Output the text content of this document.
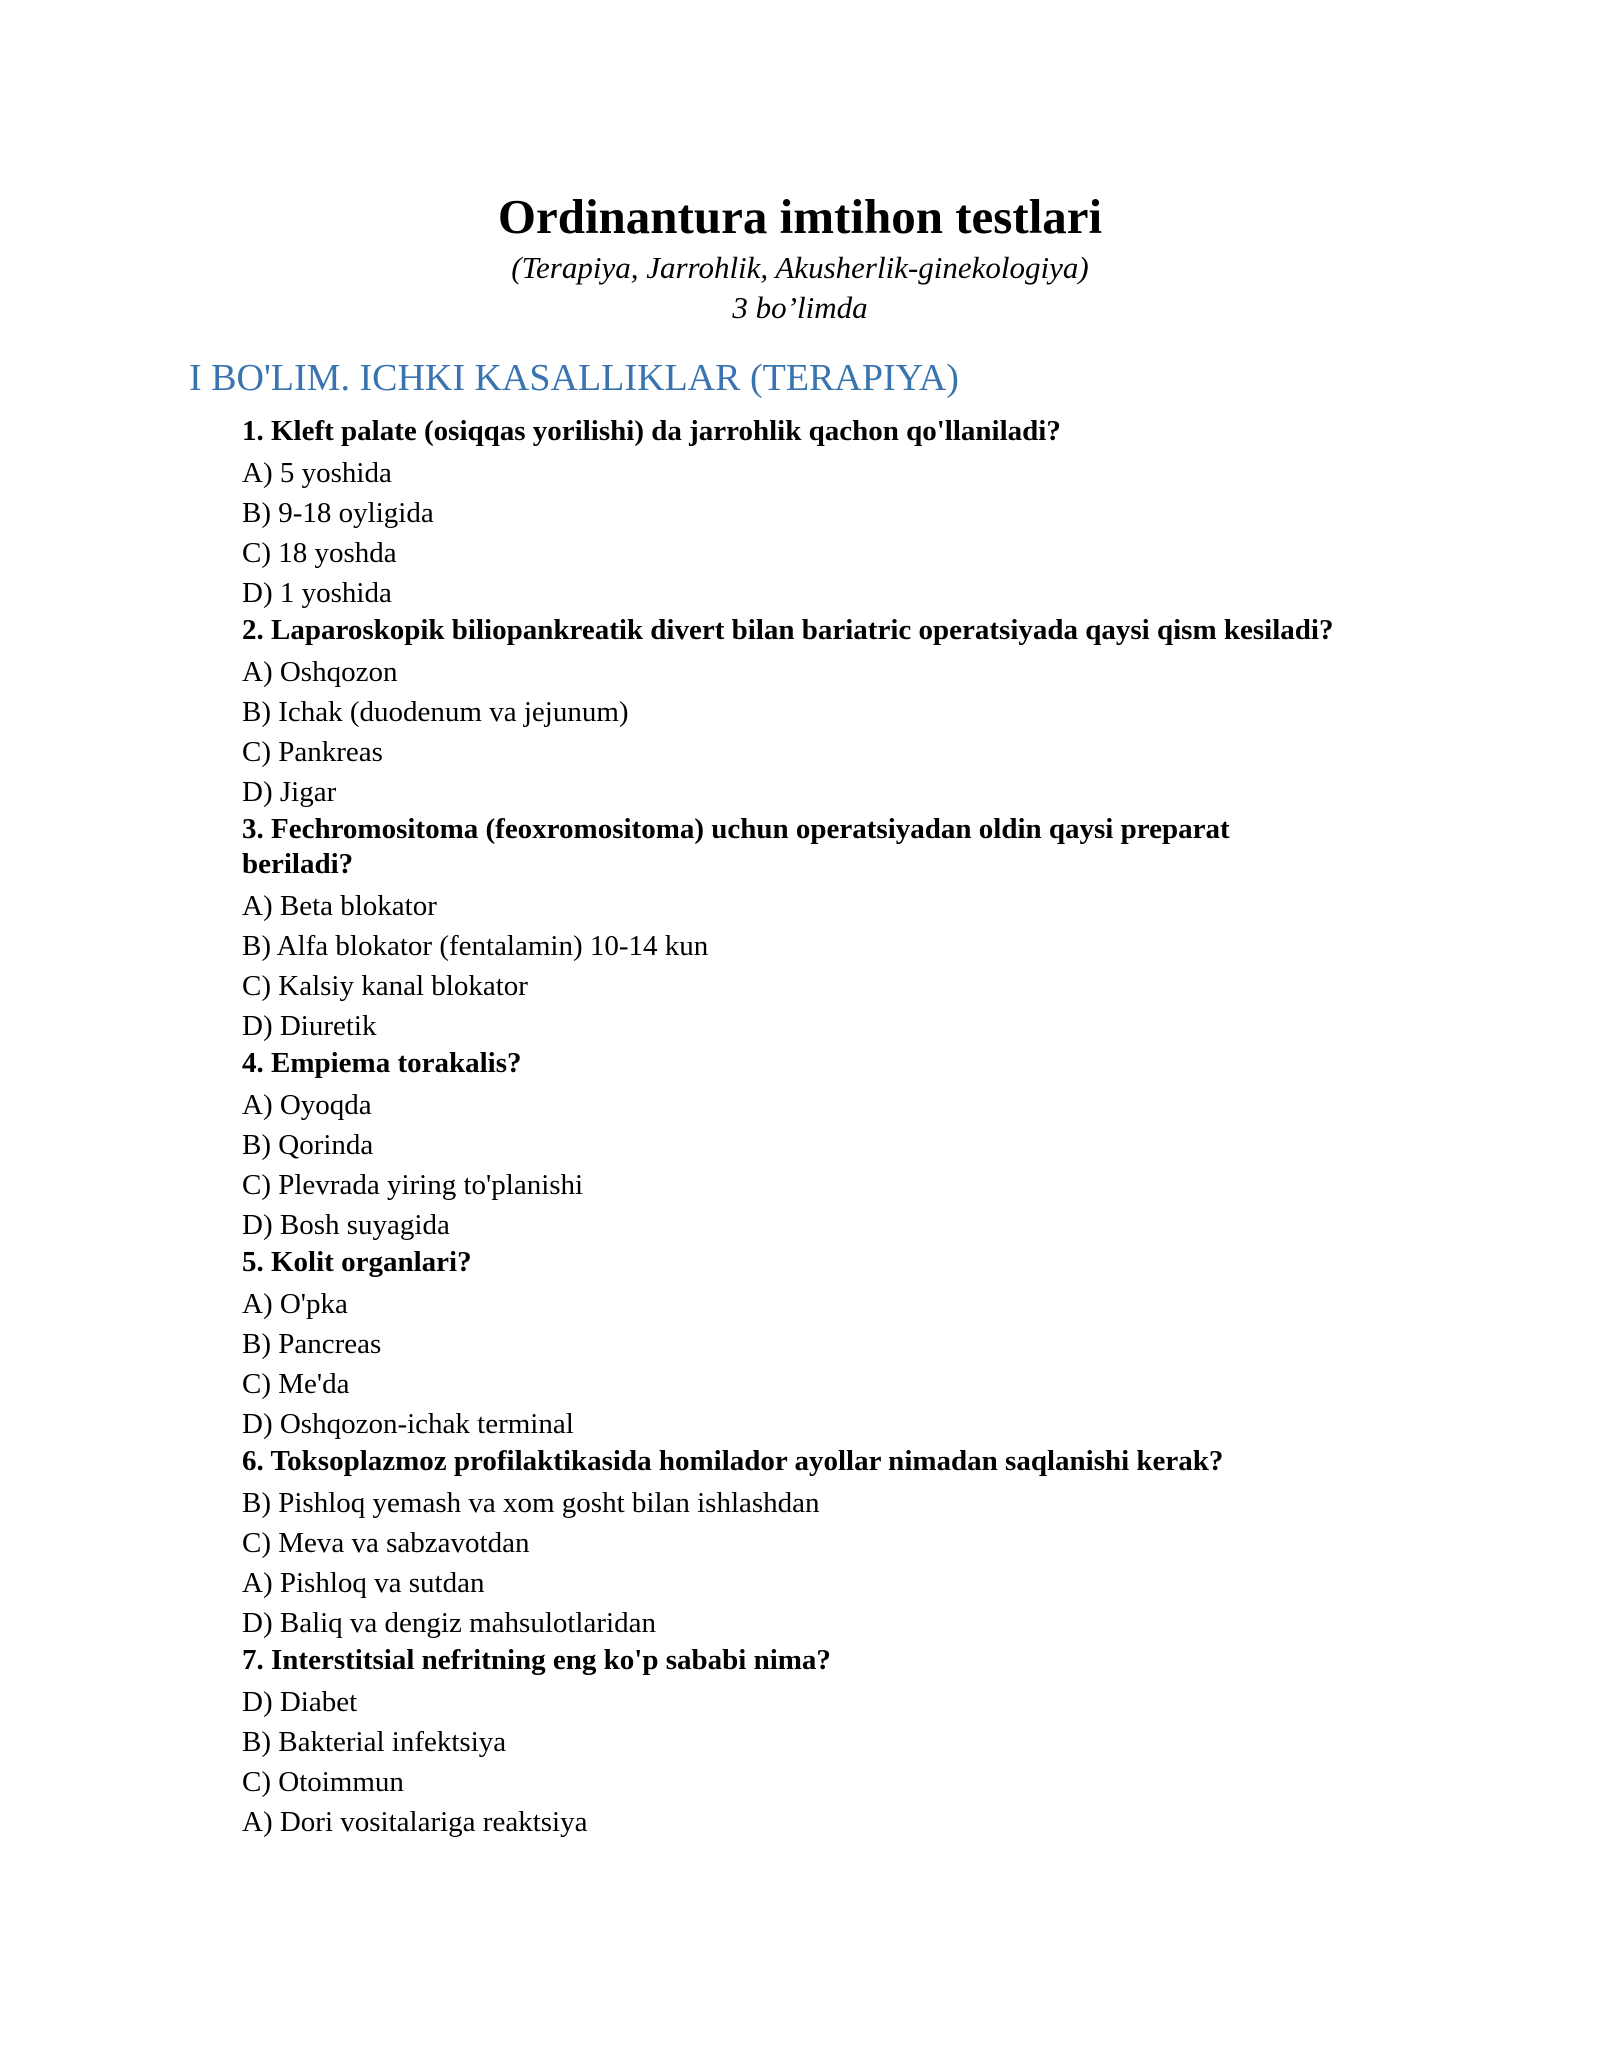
Ordinantura imtihon testlari
(Terapiya, Jarrohlik, Akusherlik-ginekologiya)
3 bo’limda
I BO'LIM. ICHKI KASALLIKLAR (TERAPIYA)
1. Kleft palate (osiqqas yorilishi) da jarrohlik qachon qo'llaniladi?
A) 5 yoshida
B) 9-18 oyligida
C) 18 yoshda
D) 1 yoshida
2. Laparoskopik biliopankreatik divert bilan bariatric operatsiyada qaysi qism kesiladi?
A) Oshqozon
B) Ichak (duodenum va jejunum)
C) Pankreas
D) Jigar
3. Fechromositoma (feoxromositoma) uchun operatsiyadan oldin qaysi preparat beriladi?
A) Beta blokator
B) Alfa blokator (fentalamin) 10-14 kun
C) Kalsiy kanal blokator
D) Diuretik
4. Empiema torakalis?
A) Oyoqda
B) Qorinda
C) Plevrada yiring to'planishi
D) Bosh suyagida
5. Kolit organlari?
A) O'pka
B) Pancreas
C) Me'da
D) Oshqozon-ichak terminal
6. Toksoplazmoz profilaktikasida homilador ayollar nimadan saqlanishi kerak?
B) Pishloq yemash va xom gosht bilan ishlashdan
C) Meva va sabzavotdan
A) Pishloq va sutdan
D) Baliq va dengiz mahsulotlaridan
7. Interstitsial nefritning eng ko'p sababi nima?
D) Diabet
B) Bakterial infektsiya
C) Otoimmun
A) Dori vositalariga reaktsiya
